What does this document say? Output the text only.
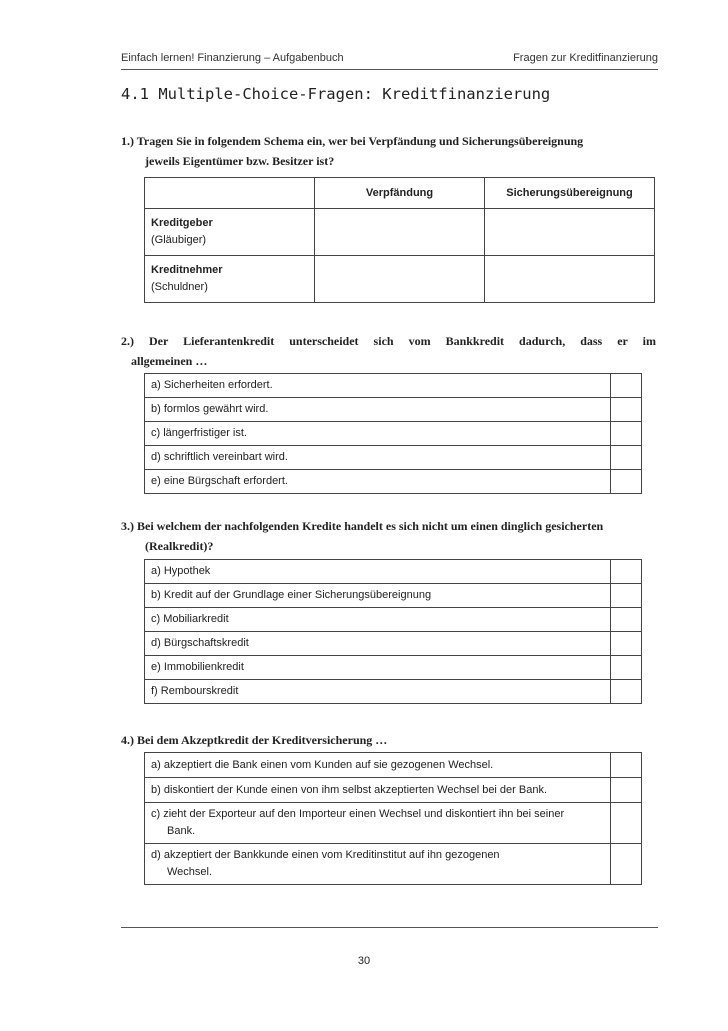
Einfach lernen! Finanzierung – Aufgabenbuch	Fragen zur Kreditfinanzierung
4.1 Multiple-Choice-Fragen: Kreditfinanzierung
1.) Tragen Sie in folgendem Schema ein, wer bei Verpfändung und Sicherungsübereignung
jeweils Eigentümer bzw. Besitzer ist?
	Verpfändung	Sicherungsübereignung

Kreditgeber
(Gläubiger)		

Kreditnehmer
(Schuldner)		

2.) Der Lieferantenkredit unterscheidet sich vom Bankkredit dadurch, dass er im
allgemeinen …
a) Sicherheiten erfordert.	
b) formlos gewährt wird.	
c) längerfristiger ist.	
d) schriftlich vereinbart wird.	
e) eine Bürgschaft erfordert.	
3.) Bei welchem der nachfolgenden Kredite handelt es sich nicht um einen dinglich gesicherten
(Realkredit)?
a) Hypothek	
b) Kredit auf der Grundlage einer Sicherungsübereignung	
c) Mobiliarkredit	
d) Bürgschaftskredit	
e) Immobilienkredit	
f) Rembourskredit	
4.) Bei dem Akzeptkredit der Kreditversicherung …
a) akzeptiert die Bank einen vom Kunden auf sie gezogenen Wechsel.	
b) diskontiert der Kunde einen von ihm selbst akzeptierten Wechsel bei der Bank.	
c) zieht der Exporteur auf den Importeur einen Wechsel und diskontiert ihn bei seiner
Bank.	

d) akzeptiert der Bankkunde einen vom Kreditinstitut auf ihn gezogenen
Wechsel.	

30
